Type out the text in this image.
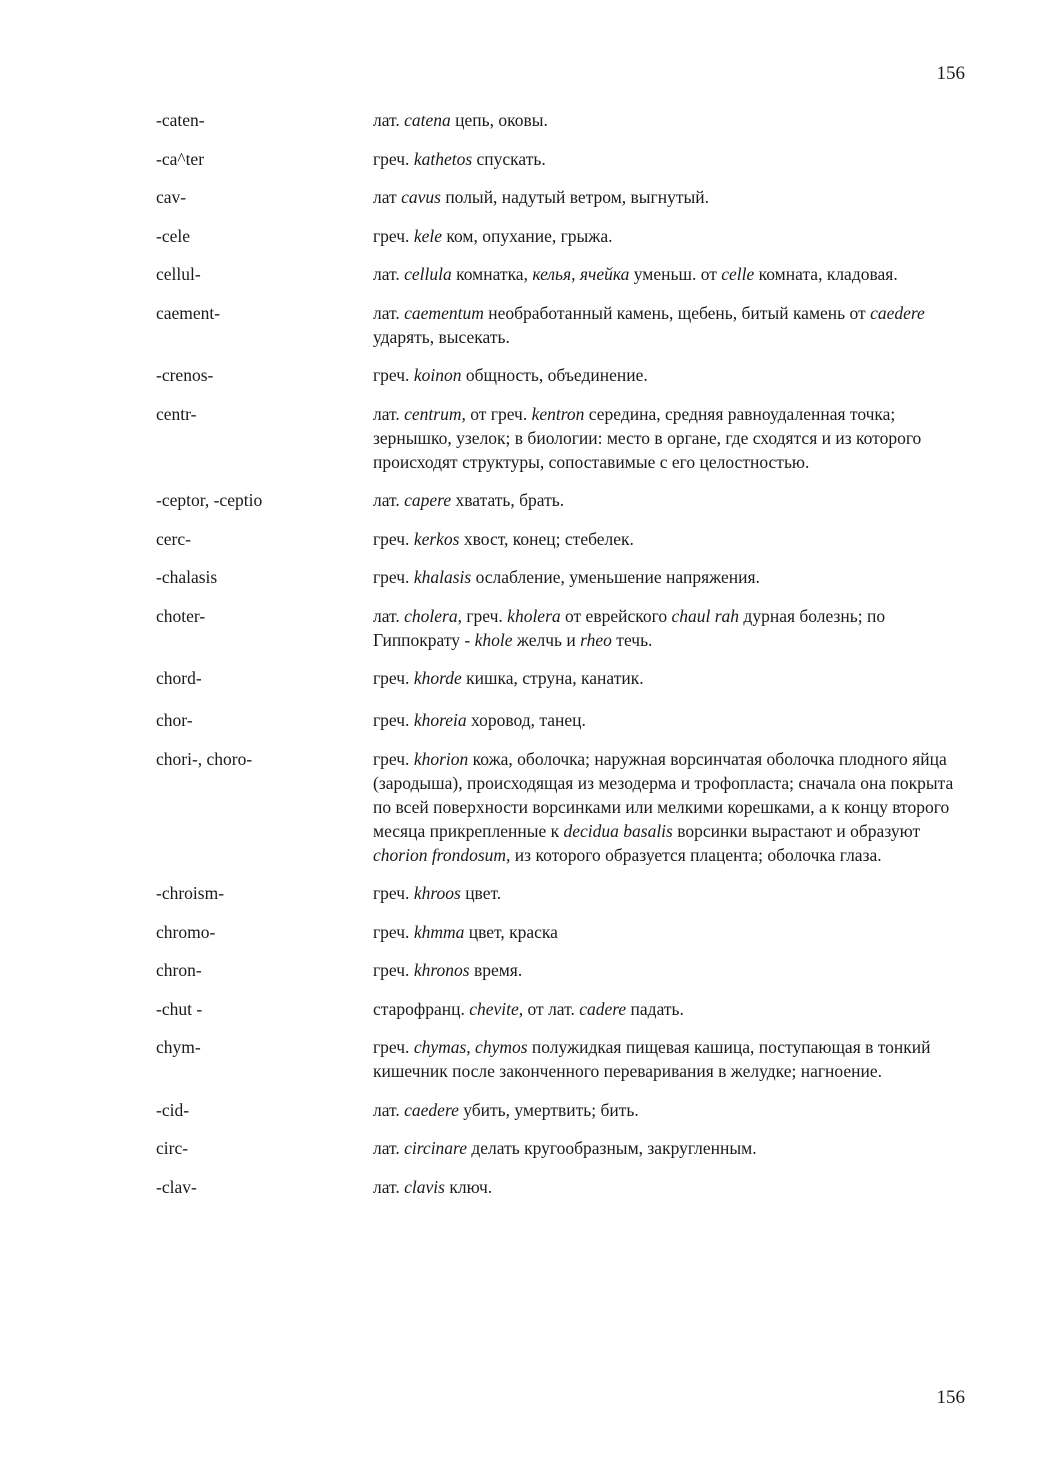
156
-caten-	лат. catena цепь, оковы.
-ca^ter	греч. kathetos спускать.
cav-	лат cavus полый, надутый ветром, выгнутый.
-cele	греч. kele ком, опухание, грыжа.
cellul-	лат. cellula комнатка, келья, ячейка уменьш. от celle комната, кладовая.
caement-	лат. caementum необработанный камень, щебень, битый камень от caedere ударять, высекать.
-crenos-	греч. koinon общность, объединение.
centr-	лат. centrum, от греч. kentron середина, средняя равноудаленная точка; зернышко, узелок; в биологии: место в органе, где сходятся и из которого происходят структуры, сопоставимые с его целостностью.
-ceptor, -ceptio	лат. capere хватать, брать.
cerc-	греч. kerkos хвост, конец; стебелек.
-chalasis	греч. khalasis ослабление, уменьшение напряжения.
choter-	лат. cholera, греч. kholera от еврейского chaul rah дурная болезнь; по Гиппократу - khole желчь и rheo течь.
chord-	греч. khorde кишка, струна, канатик.
chor-	греч. khoreia хоровод, танец.
chori-, choro-	греч. khorion кожа, оболочка; наружная ворсинчатая оболочка плодного яйца (зародыша), происходящая из мезодерма и трофопласта; сначала она покрыта по всей поверхности ворсинками или мелкими корешками, а к концу второго месяца прикрепленные к decidua basalis ворсинки вырастают и образуют chorion frondosum, из которого образуется плацента; оболочка глаза.
-chroism-	греч. khroos цвет.
chromo-	греч. khmma цвет, краска
chron-	греч. khronos время.
-chut -	старофранц. chevite, от лат. cadere падать.
chym-	греч. chymas, chymos полужидкая пищевая кашица, поступающая в тонкий кишечник после законченного переваривания в желудке; нагноение.
-cid-	лат. caedere убить, умертвить; бить.
circ-	лат. circinare делать кругообразным, закругленным.
-clav-	лат. clavis ключ.
156
